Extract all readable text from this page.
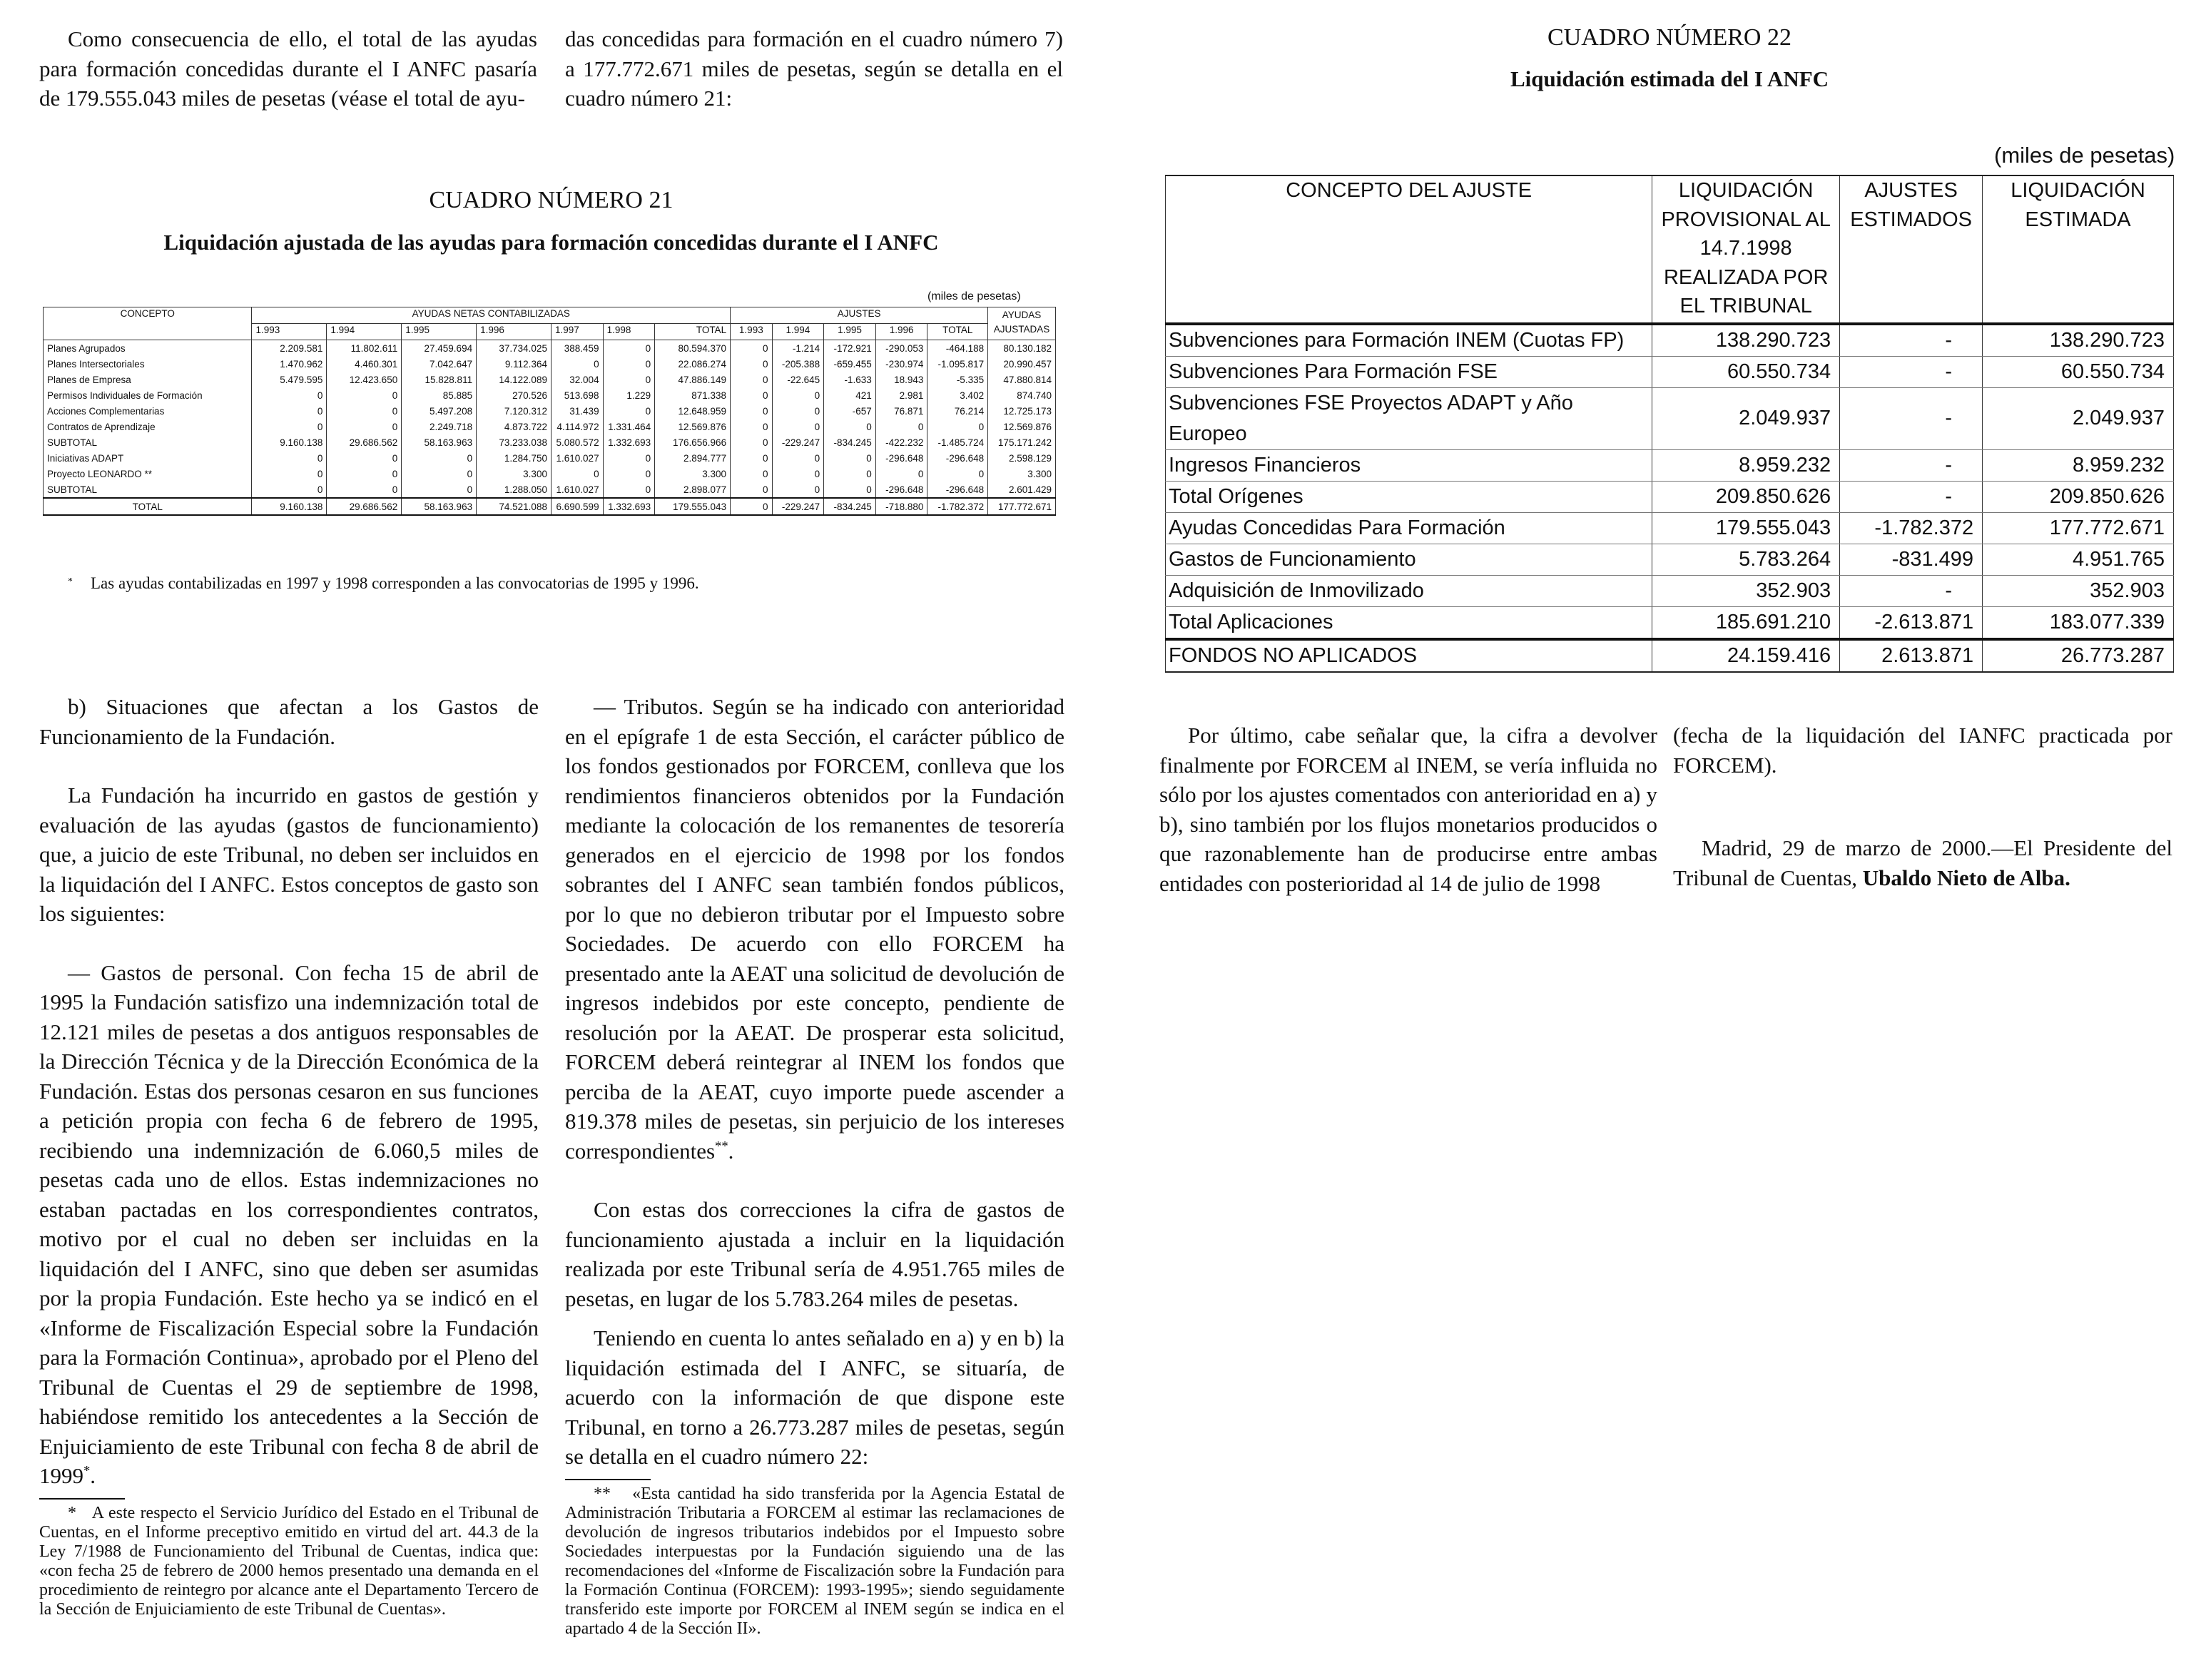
Como consecuencia de ello, el total de las ayudas para formación concedidas durante el I ANFC pasaría de 179.555.043 miles de pesetas (véase el total de ayu-

das concedidas para formación en el cuadro número 7) a 177.772.671 miles de pesetas, según se detalla en el cuadro número 21:

CUADRO NÚMERO 21
Liquidación ajustada de las ayudas para formación concedidas durante el I ANFC
(miles de pesetas)
CONCEPTO	AYUDAS NETAS CONTABILIZADAS							AJUSTES					AYUDAS AJUSTADAS
	1.993	1.994	1.995	1.996	1.997	1.998	TOTAL	1.993	1.994	1.995	1.996	TOTAL	
Planes Agrupados	2.209.581	11.802.611	27.459.694	37.734.025	388.459	0	80.594.370	0	-1.214	-172.921	-290.053	-464.188	80.130.182
Planes Intersectoriales	1.470.962	4.460.301	7.042.647	9.112.364	0	0	22.086.274	0	-205.388	-659.455	-230.974	-1.095.817	20.990.457
Planes de Empresa	5.479.595	12.423.650	15.828.811	14.122.089	32.004	0	47.886.149	0	-22.645	-1.633	18.943	-5.335	47.880.814
Permisos Individuales de Formación	0	0	85.885	270.526	513.698	1.229	871.338	0	0	421	2.981	3.402	874.740
Acciones Complementarias	0	0	5.497.208	7.120.312	31.439	0	12.648.959	0	0	-657	76.871	76.214	12.725.173
Contratos de Aprendizaje	0	0	2.249.718	4.873.722	4.114.972	1.331.464	12.569.876	0	0	0	0	0	12.569.876
SUBTOTAL	9.160.138	29.686.562	58.163.963	73.233.038	5.080.572	1.332.693	176.656.966	0	-229.247	-834.245	-422.232	-1.485.724	175.171.242
Iniciativas ADAPT	0	0	0	1.284.750	1.610.027	0	2.894.777	0	0	0	-296.648	-296.648	2.598.129
Proyecto LEONARDO **	0	0	0	3.300	0	0	3.300	0	0	0	0	0	3.300
SUBTOTAL	0	0	0	1.288.050	1.610.027	0	2.898.077	0	0	0	-296.648	-296.648	2.601.429
TOTAL	9.160.138	29.686.562	58.163.963	74.521.088	6.690.599	1.332.693	179.555.043	0	-229.247	-834.245	-718.880	-1.782.372	177.772.671
* Las ayudas contabilizadas en 1997 y 1998 corresponden a las convocatorias de 1995 y 1996.

b) Situaciones que afectan a los Gastos de Funcionamiento de la Fundación.

La Fundación ha incurrido en gastos de gestión y evaluación de las ayudas (gastos de funcionamiento) que, a juicio de este Tribunal, no deben ser incluidos en la liquidación del I ANFC. Estos conceptos de gasto son los siguientes:

— Gastos de personal. Con fecha 15 de abril de 1995 la Fundación satisfizo una indemnización total de 12.121 miles de pesetas a dos antiguos responsables de la Dirección Técnica y de la Dirección Económica de la Fundación. Estas dos personas cesaron en sus funciones a petición propia con fecha 6 de febrero de 1995, recibiendo una indemnización de 6.060,5 miles de pesetas cada uno de ellos. Estas indemnizaciones no estaban pactadas en los correspondientes contratos, motivo por el cual no deben ser incluidas en la liquidación del I ANFC, sino que deben ser asumidas por la propia Fundación. Este hecho ya se indicó en el «Informe de Fiscalización Especial sobre la Fundación para la Formación Continua», aprobado por el Pleno del Tribunal de Cuentas el 29 de septiembre de 1998, habiéndose remitido los antecedentes a la Sección de Enjuiciamiento de este Tribunal con fecha 8 de abril de 1999*.

* A este respecto el Servicio Jurídico del Estado en el Tribunal de Cuentas, en el Informe preceptivo emitido en virtud del art. 44.3 de la Ley 7/1988 de Funcionamiento del Tribunal de Cuentas, indica que: «con fecha 25 de febrero de 2000 hemos presentado una demanda en el procedimiento de reintegro por alcance ante el Departamento Tercero de la Sección de Enjuiciamiento de este Tribunal de Cuentas».

— Tributos. Según se ha indicado con anterioridad en el epígrafe 1 de esta Sección, el carácter público de los fondos gestionados por FORCEM, conlleva que los rendimientos financieros obtenidos por la Fundación mediante la colocación de los remanentes de tesorería generados en el ejercicio de 1998 por los fondos sobrantes del I ANFC sean también fondos públicos, por lo que no debieron tributar por el Impuesto sobre Sociedades. De acuerdo con ello FORCEM ha presentado ante la AEAT una solicitud de devolución de ingresos indebidos por este concepto, pendiente de resolución por la AEAT. De prosperar esta solicitud, FORCEM deberá reintegrar al INEM los fondos que perciba de la AEAT, cuyo importe puede ascender a 819.378 miles de pesetas, sin perjuicio de los intereses correspondientes**.

Con estas dos correcciones la cifra de gastos de funcionamiento ajustada a incluir en la liquidación realizada por este Tribunal sería de 4.951.765 miles de pesetas, en lugar de los 5.783.264 miles de pesetas.

Teniendo en cuenta lo antes señalado en a) y en b) la liquidación estimada del I ANFC, se situaría, de acuerdo con la información de que dispone este Tribunal, en torno a 26.773.287 miles de pesetas, según se detalla en el cuadro número 22:

** «Esta cantidad ha sido transferida por la Agencia Estatal de Administración Tributaria a FORCEM al estimar las reclamaciones de devolución de ingresos tributarios indebidos por el Impuesto sobre Sociedades interpuestas por la Fundación siguiendo una de las recomendaciones del «Informe de Fiscalización sobre la Fundación para la Formación Continua (FORCEM): 1993-1995»; siendo seguidamente transferido este importe por FORCEM al INEM según se indica en el apartado 4 de la Sección II».

CUADRO NÚMERO 22
Liquidación estimada del I ANFC
(miles de pesetas)
CONCEPTO DEL AJUSTE	LIQUIDACIÓN PROVISIONAL AL 14.7.1998 REALIZADA POR EL TRIBUNAL	AJUSTES ESTIMADOS	LIQUIDACIÓN ESTIMADA
Subvenciones para Formación INEM (Cuotas FP)	138.290.723	-	138.290.723
Subvenciones Para Formación FSE	60.550.734	-	60.550.734
Subvenciones FSE Proyectos ADAPT y Año Europeo	2.049.937	-	2.049.937
Ingresos Financieros	8.959.232	-	8.959.232
Total Orígenes	209.850.626	-	209.850.626
Ayudas Concedidas Para Formación	179.555.043	-1.782.372	177.772.671
Gastos de Funcionamiento	5.783.264	-831.499	4.951.765
Adquisición de Inmovilizado	352.903	-	352.903
Total Aplicaciones	185.691.210	-2.613.871	183.077.339
FONDOS NO APLICADOS	24.159.416	2.613.871	26.773.287

Por último, cabe señalar que, la cifra a devolver finalmente por FORCEM al INEM, se vería influida no sólo por los ajustes comentados con anterioridad en a) y b), sino también por los flujos monetarios producidos o que razonablemente han de producirse entre ambas entidades con posterioridad al 14 de julio de 1998

(fecha de la liquidación del IANFC practicada por FORCEM).

Madrid, 29 de marzo de 2000.—El Presidente del Tribunal de Cuentas, Ubaldo Nieto de Alba.
